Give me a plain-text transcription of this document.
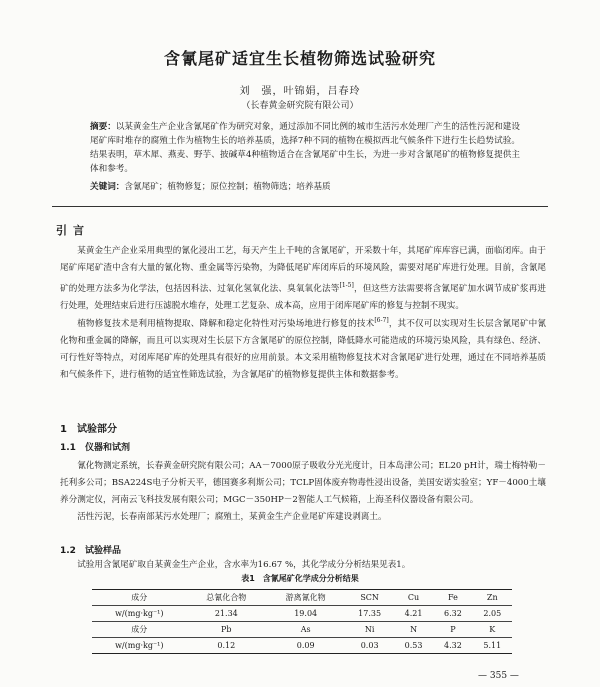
含氰尾矿适宜生长植物筛选试验研究
刘　强，叶锦娟，吕春玲
（长春黄金研究院有限公司）
摘要：以某黄金生产企业含氰尾矿作为研究对象，通过添加不同比例的城市生活污水处理厂产生的活性污泥和建设尾矿库时堆存的腐殖土作为植物生长的培养基质，选择7种不同的植物在模拟西北气候条件下进行生长趋势试验。结果表明，草木犀、燕麦、野芋、披碱草4种植物适合在含氰尾矿中生长，为进一步对含氰尾矿的植物修复提供主体和参考。
关键词：含氰尾矿；植物修复；原位控制；植物筛选；培养基质
引言
某黄金生产企业采用典型的氰化浸出工艺，每天产生上千吨的含氰尾矿，开采数十年，其尾矿库库容已满，面临闭库。由于尾矿库尾矿渣中含有大量的氰化物、重金属等污染物，为降低尾矿库闭库后的环境风险，需要对尾矿库进行处理。目前，含氰尾矿的处理方法多为化学法，包括因科法、过氧化氢氧化法、臭氧氧化法等[1-5]，但这些方法需要将含氰尾矿加水调节成矿浆再进行处理，处理结束后进行压滤脱水堆存，处理工艺复杂、成本高，应用于闭库尾矿库的修复与控制不现实。
植物修复技术是利用植物提取、降解和稳定化特性对污染场地进行修复的技术[6-7]，其不仅可以实现对生长层含氰尾矿中氰化物和重金属的降解，而且可以实现对生长层下方含氰尾矿的原位控制，降低降水可能造成的环境污染风险，具有绿色、经济、可行性好等特点，对闭库尾矿库的处理具有很好的应用前景。本文采用植物修复技术对含氰尾矿进行处理，通过在不同培养基质和气候条件下，进行植物的适宜性筛选试验，为含氰尾矿的植物修复提供主体和数据参考。
1　试验部分
1.1　仪器和试剂
氰化物测定系统，长春黄金研究院有限公司；AA－7000原子吸收分光光度计，日本岛津公司；EL20 pH计，瑞士梅特勒－托利多公司；BSA224S电子分析天平，德国赛多利斯公司；TCLP固体废弃物毒性浸出设备，美国安诺实验室；YF－4000土壤养分测定仪，河南云飞科技发展有限公司；MGC－350HP－2智能人工气候箱，上海圣科仪器设备有限公司。
活性污泥，长春南部某污水处理厂；腐殖土，某黄金生产企业尾矿库建设剥离土。
1.2　试验样品
试验用含氰尾矿取自某黄金生产企业，含水率为16.67 %，其化学成分分析结果见表1。
表1　含氰尾矿化学成分分析结果
成分	总氰化合物	游离氰化物	SCN	Cu	Fe	Zn
w/(mg·kg⁻¹)	21.34	19.04	17.35	4.21	6.32	2.05
成分	Pb	As	Ni	N	P	K
w/(mg·kg⁻¹)	0.12	0.09	0.03	0.53	4.32	5.11
— 355 —
